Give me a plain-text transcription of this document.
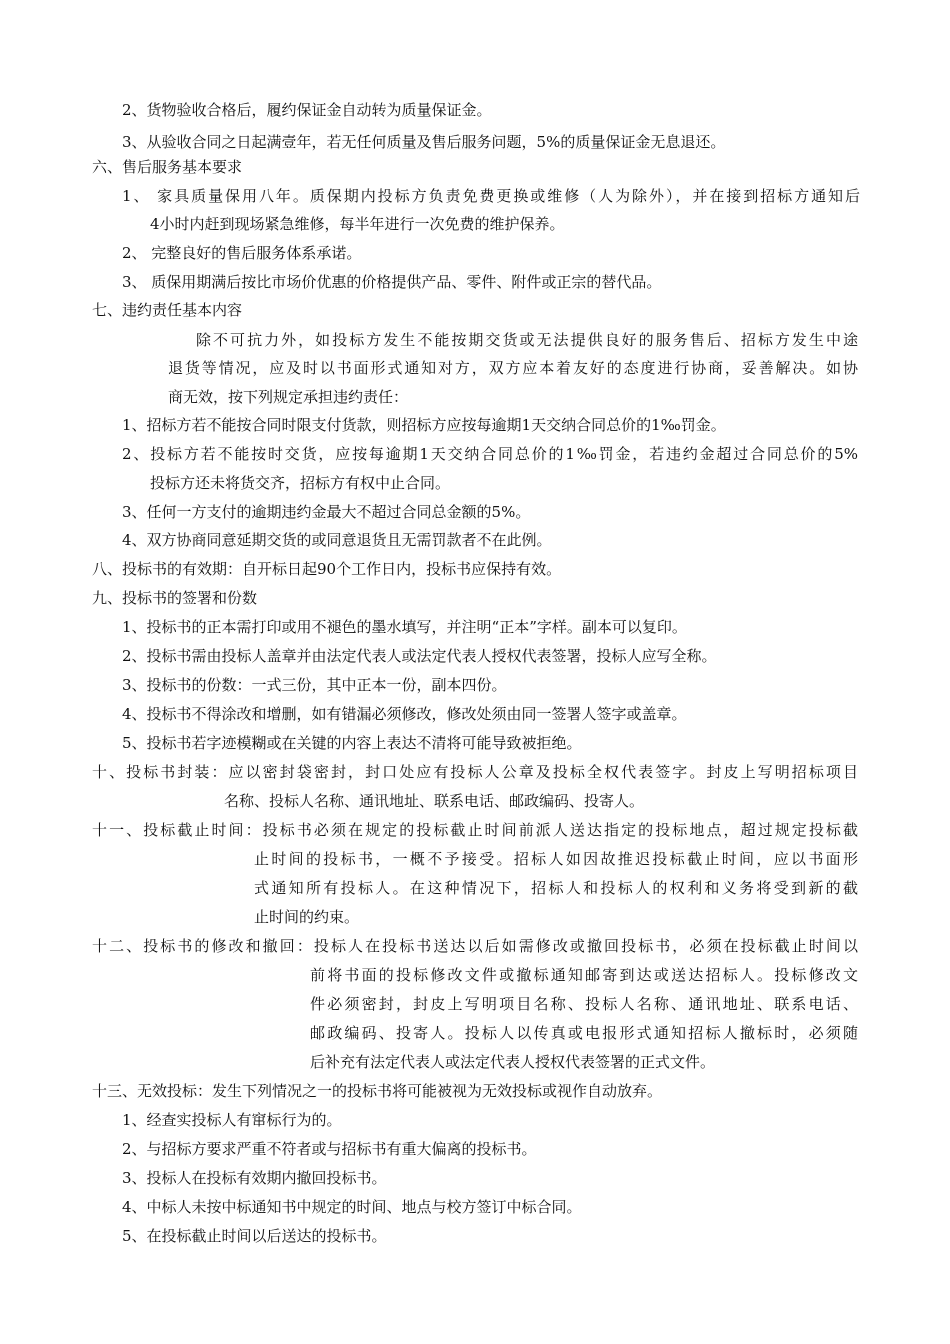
2、货物验收合格后，履约保证金自动转为质量保证金。
3、从验收合同之日起满壹年，若无任何质量及售后服务问题，5%的质量保证金无息退还。
六、售后服务基本要求
1、 家具质量保用八年。质保期内投标方负责免费更换或维修（人为除外），并在接到招标方通知后
4小时内赶到现场紧急维修，每半年进行一次免费的维护保养。
2、 完整良好的售后服务体系承诺。
3、 质保用期满后按比市场价优惠的价格提供产品、零件、附件或正宗的替代品。
七、违约责任基本内容
除不可抗力外，如投标方发生不能按期交货或无法提供良好的服务售后、招标方发生中途
退货等情况，应及时以书面形式通知对方，双方应本着友好的态度进行协商，妥善解决。如协
商无效，按下列规定承担违约责任：
1、招标方若不能按合同时限支付货款，则招标方应按每逾期1天交纳合同总价的1‰罚金。
2、投标方若不能按时交货，应按每逾期1天交纳合同总价的1‰罚金，若违约金超过合同总价的5%
投标方还未将货交齐，招标方有权中止合同。
3、任何一方支付的逾期违约金最大不超过合同总金额的5%。
4、双方协商同意延期交货的或同意退货且无需罚款者不在此例。
八、投标书的有效期：自开标日起90个工作日内，投标书应保持有效。
九、投标书的签署和份数
1、投标书的正本需打印或用不褪色的墨水填写，并注明“正本”字样。副本可以复印。
2、投标书需由投标人盖章并由法定代表人或法定代表人授权代表签署，投标人应写全称。
3、投标书的份数：一式三份，其中正本一份，副本四份。
4、投标书不得涂改和增删，如有错漏必须修改，修改处须由同一签署人签字或盖章。
5、投标书若字迹模糊或在关键的内容上表达不清将可能导致被拒绝。
十、投标书封装：应以密封袋密封，封口处应有投标人公章及投标全权代表签字。封皮上写明招标项目
名称、投标人名称、通讯地址、联系电话、邮政编码、投寄人。
十一、投标截止时间：投标书必须在规定的投标截止时间前派人送达指定的投标地点，超过规定投标截
止时间的投标书，一概不予接受。招标人如因故推迟投标截止时间，应以书面形
式通知所有投标人。在这种情况下，招标人和投标人的权利和义务将受到新的截
止时间的约束。
十二、投标书的修改和撤回：投标人在投标书送达以后如需修改或撤回投标书，必须在投标截止时间以
前将书面的投标修改文件或撤标通知邮寄到达或送达招标人。投标修改文
件必须密封，封皮上写明项目名称、投标人名称、通讯地址、联系电话、
邮政编码、投寄人。投标人以传真或电报形式通知招标人撤标时，必须随
后补充有法定代表人或法定代表人授权代表签署的正式文件。
十三、无效投标：发生下列情况之一的投标书将可能被视为无效投标或视作自动放弃。
1、经查实投标人有窜标行为的。
2、与招标方要求严重不符者或与招标书有重大偏离的投标书。
3、投标人在投标有效期内撤回投标书。
4、中标人未按中标通知书中规定的时间、地点与校方签订中标合同。
5、在投标截止时间以后送达的投标书。
